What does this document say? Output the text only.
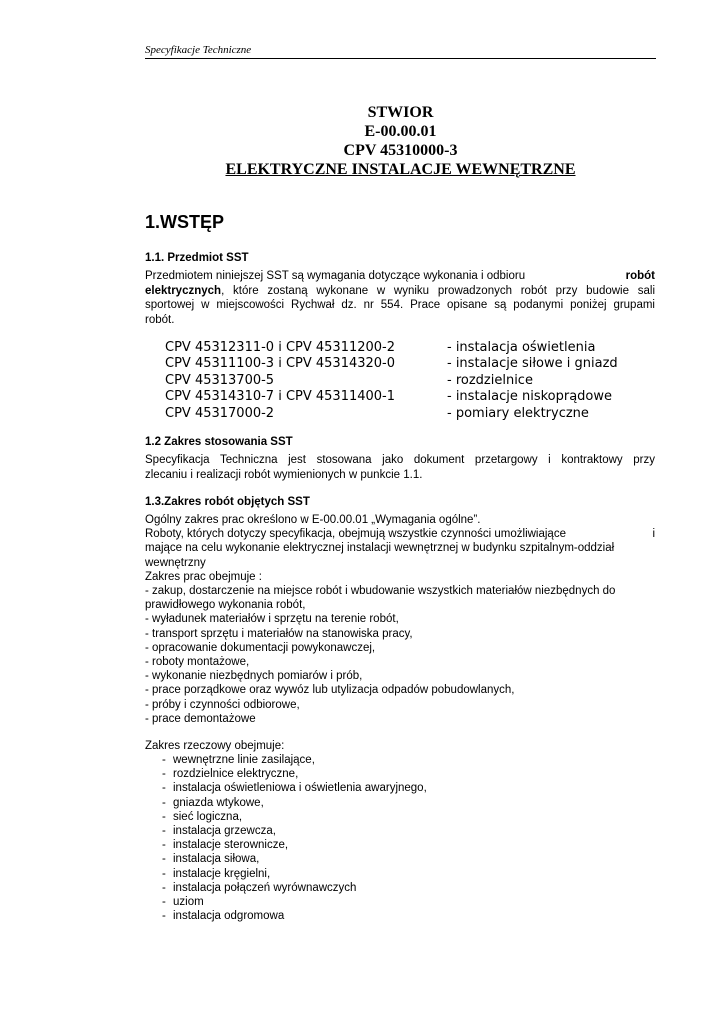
Specyfikacje Techniczne
STWIOR
E-00.00.01
CPV 45310000-3
ELEKTRYCZNE INSTALACJE WEWNĘTRZNE
1.WSTĘP
1.1. Przedmiot SST
Przedmiotem niniejszej SST są wymagania dotyczące wykonania i odbioru	robót
elektrycznych , które zostaną wykonane w wyniku prowadzonych robót przy budowie sali
sportowej w miejscowości Rychwał dz. nr 554. Prace opisane są podanymi poniżej grupami
robót.
CPV 45312311-0 i CPV 45311200-2	- instalacja oświetlenia
CPV 45311100-3 i CPV 45314320-0	- instalacje siłowe i gniazd
CPV 45313700-5	- rozdzielnice
CPV 45314310-7 i CPV 45311400-1	- instalacje niskoprądowe
CPV 45317000-2	- pomiary elektryczne
1.2 Zakres stosowania SST
Specyfikacja Techniczna jest stosowana jako dokument przetargowy i kontraktowy przy
zlecaniu i realizacji robót wymienionych w punkcie 1.1.
1.3.Zakres robót objętych SST
Ogólny zakres prac określono w E-00.00.01 „Wymagania ogólne”.
Roboty, których dotyczy specyfikacja, obejmują wszystkie czynności umożliwiające	i
mające na celu wykonanie elektrycznej instalacji wewnętrznej w budynku szpitalnym-oddział
wewnętrzny
Zakres prac obejmuje :
- zakup, dostarczenie na miejsce robót i wbudowanie wszystkich materiałów niezbędnych do
prawidłowego wykonania robót,
- wyładunek materiałów i sprzętu na terenie robót,
- transport sprzętu i materiałów na stanowiska pracy,
- opracowanie dokumentacji powykonawczej,
- roboty montażowe,
- wykonanie niezbędnych pomiarów i prób,
- prace porządkowe oraz wywóz lub utylizacja odpadów pobudowlanych,
- próby i czynności odbiorowe,
- prace demontażowe
Zakres rzeczowy obejmuje:
- wewnętrzne linie zasilające,
- rozdzielnice elektryczne,
- instalacja oświetleniowa i oświetlenia awaryjnego,
- gniazda wtykowe,
- sieć logiczna,
- instalacja grzewcza,
- instalacje sterownicze,
- instalacja siłowa,
- instalacje kręgielni,
- instalacja połączeń wyrównawczych
- uziom
- instalacja odgromowa
